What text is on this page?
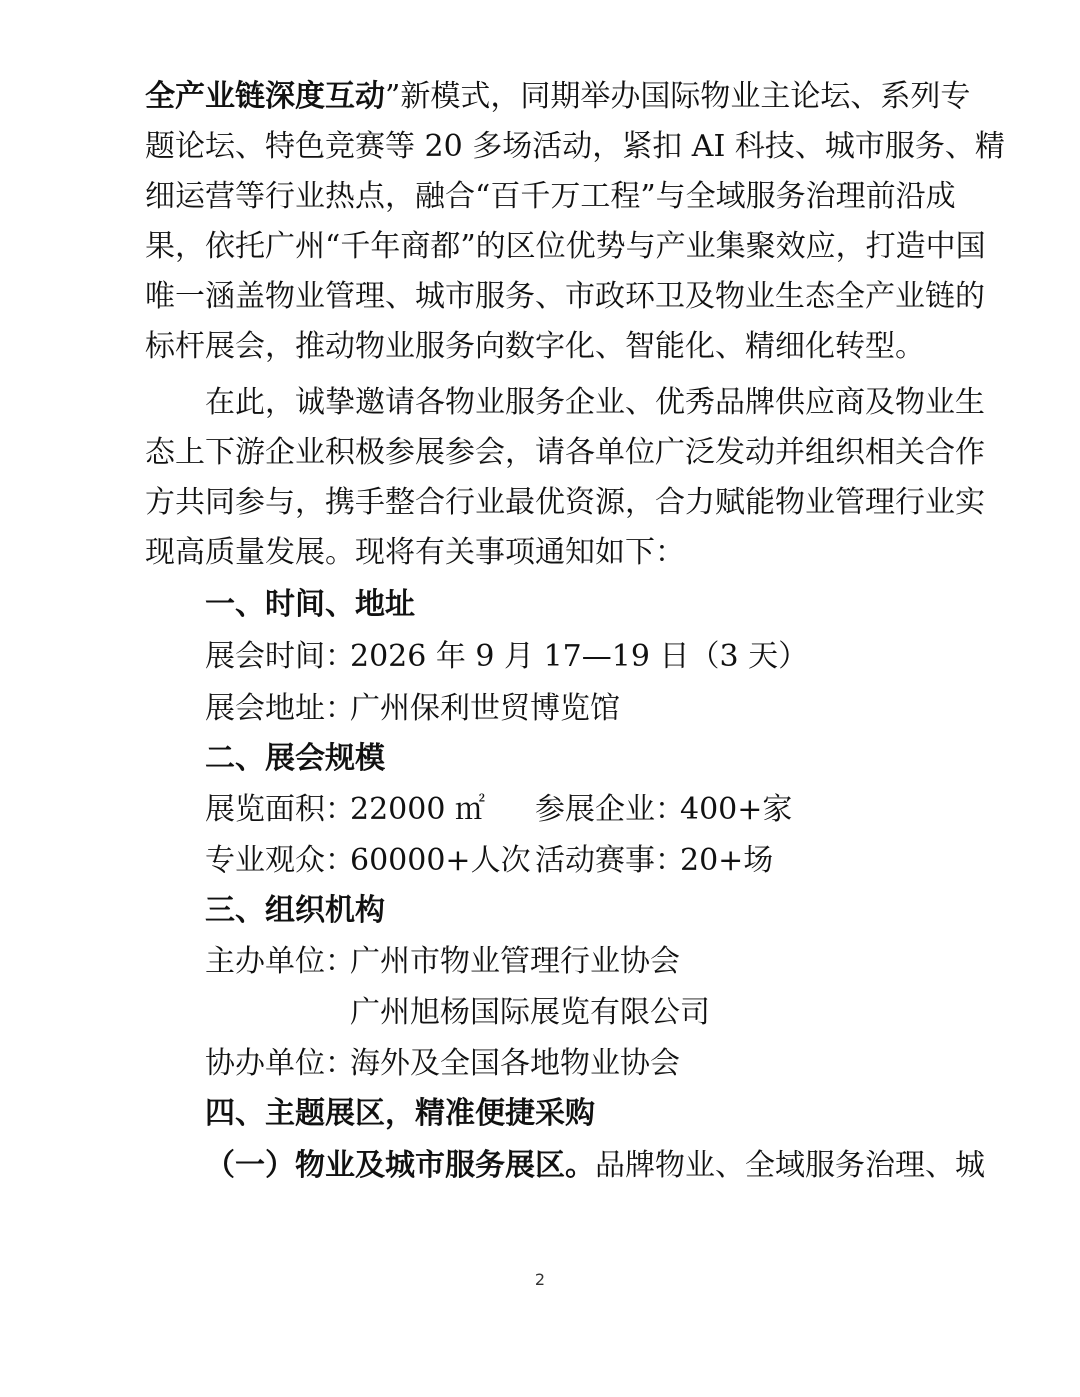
全产业链深度互动”新模式，同期举办国际物业主论坛、系列专
题论坛、特色竞赛等 20 多场活动，紧扣 AI 科技、城市服务、精
细运营等行业热点，融合“百千万工程”与全域服务治理前沿成
果，依托广州“千年商都”的区位优势与产业集聚效应，打造中国
唯一涵盖物业管理、城市服务、市政环卫及物业生态全产业链的
标杆展会，推动物业服务向数字化、智能化、精细化转型。
在此，诚挚邀请各物业服务企业、优秀品牌供应商及物业生
态上下游企业积极参展参会，请各单位广泛发动并组织相关合作
方共同参与，携手整合行业最优资源，合力赋能物业管理行业实
现高质量发展。现将有关事项通知如下：
一、时间、地址
展会时间：
2026 年 9 月 17—19 日（3 天）
展会地址：
广州保利世贸博览馆
二、展会规模
展览面积：
22000 ㎡ 参展企业：
400+家
专业观众：
60000+人次 活动赛事：
20+场
三、组织机构
主办单位：
广州市物业管理行业协会
广州旭杨国际展览有限公司
协办单位：
海外及全国各地物业协会
四、主题展区，精准便捷采购
（一）物业及城市服务展区。品牌物业、全域服务治理、城
2
